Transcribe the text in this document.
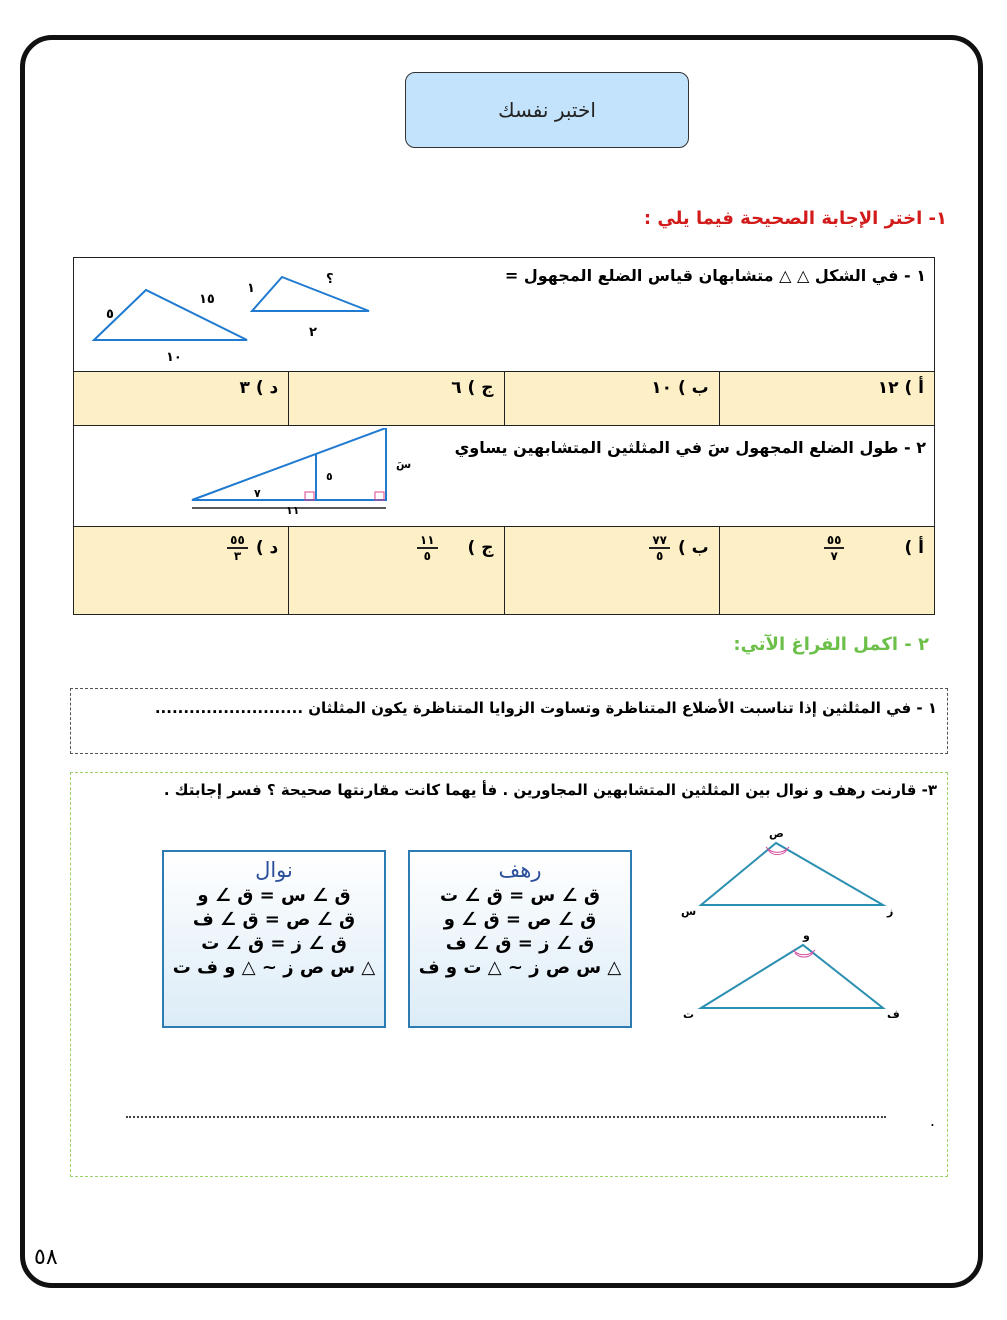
اختبر نفسك
١- اختر الإجابة الصحيحة فيما يلي :
١ - في الشكل △ △ متشابهان قياس الضلع المجهول =
٥
١٥
١٠
١
؟
٢
أ ) ١٢
ب ) ١٠
ج ) ٦
د ) ٣
٢ - طول الضلع المجهول سَ في المثلثين المتشابهين يساوي
سَ
٥
٧
١١
أ )
$\frac{٥٥}{٧}$
ب )
$\frac{٧٧}{٥}$
ج )
$\frac{١١}{٥}$
د )
$\frac{٥٥}{٣}$
٢ - اكمل الفراغ الآتي:
١ - في المثلثين إذا تناسبت الأضلاع المتناظرة وتساوت الزوايا المتناظرة يكون المثلثان ..........................
٣- قارنت رهف و نوال بين المثلثين المتشابهين المجاورين . فأ يهما كانت مقارنتها صحيحة ؟ فسر إجابتك .
رهف
ق ∠ س = ق ∠ ت
ق ∠ ص = ق ∠ و
ق ∠ ز = ق ∠ ف
△ س ص ز ~ △ ت و ف
نوال
ق ∠ س = ق ∠ و
ق ∠ ص = ق ∠ ف
ق ∠ ز = ق ∠ ت
△ س ص ز ~ △ و ف ت
ص
س	ز
و
ت	ف
.
٥٨
